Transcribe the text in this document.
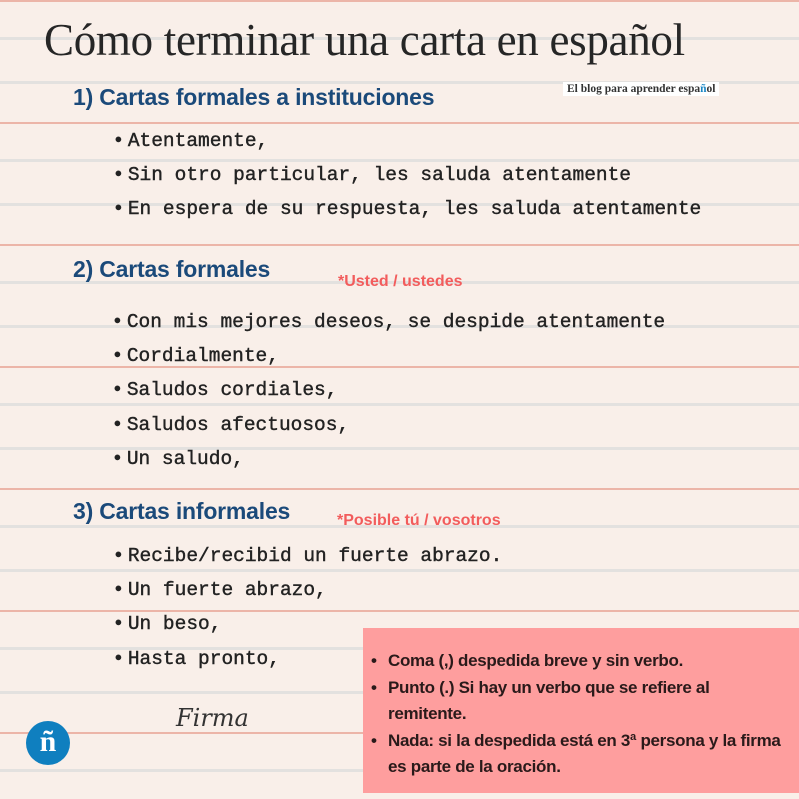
Cómo terminar una carta en español
El blog para aprender español
1) Cartas formales a instituciones
• Atentamente,
• Sin otro particular, les saluda atentamente
• En espera de su respuesta, les saluda atentamente
2) Cartas formales	*Usted / ustedes
• Con mis mejores deseos, se despide atentamente
• Cordialmente,
• Saludos cordiales,
• Saludos afectuosos,
• Un saludo,
3) Cartas informales	*Posible tú / vosotros
• Recibe/recibid un fuerte abrazo.
• Un fuerte abrazo,
• Un beso,
• Hasta pronto,
Firma
ñ
• Coma (,) despedida breve y sin verbo.
• Punto (.) Si hay un verbo que se refiere al remitente.
• Nada: si la despedida está en 3ª persona y la firma es parte de la oración.
